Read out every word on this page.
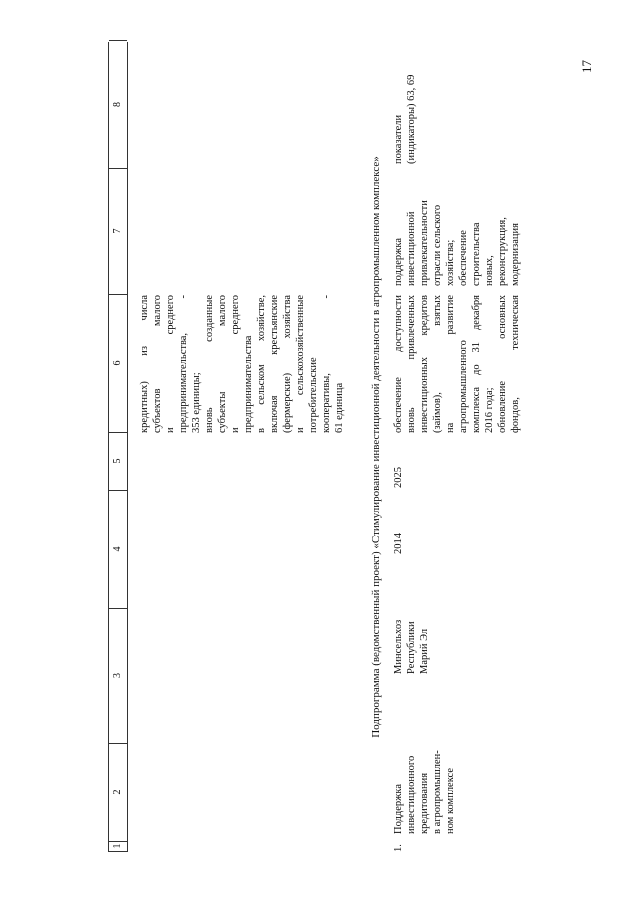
17
1
2
3
4
5
6
7
8
кредитных) из числа субъектов малого и среднего предпринимательства, - 353 единицы; вновь созданные субъекты малого и среднего предпринимательства в сельском хозяйстве, включая крестьянские (фермерские) хозяйства и сельскохозяйственные потребительские кооперативы, - 61 единица Подпрограмма (ведомственный проект) «Стимулирование инвестиционной деятельности в агропромышленном комплексе»
1.
Поддержка инвестиционного кредитования в агропромышлен- ном комплексе
Минсельхоз Республики Марий Эл
2014
2025
обеспечение доступности вновь привлеченных инвестиционных кредитов (займов), взятых на развитие агропромышленного комплекса до 31 декабря 2016 года; обновление основных фондов, техническая
поддержка инвестиционной привлекательности отрасли сельского хозяйства; обеспечение строительства новых, реконструкция, модернизация
показатели (индикаторы) 63, 69
